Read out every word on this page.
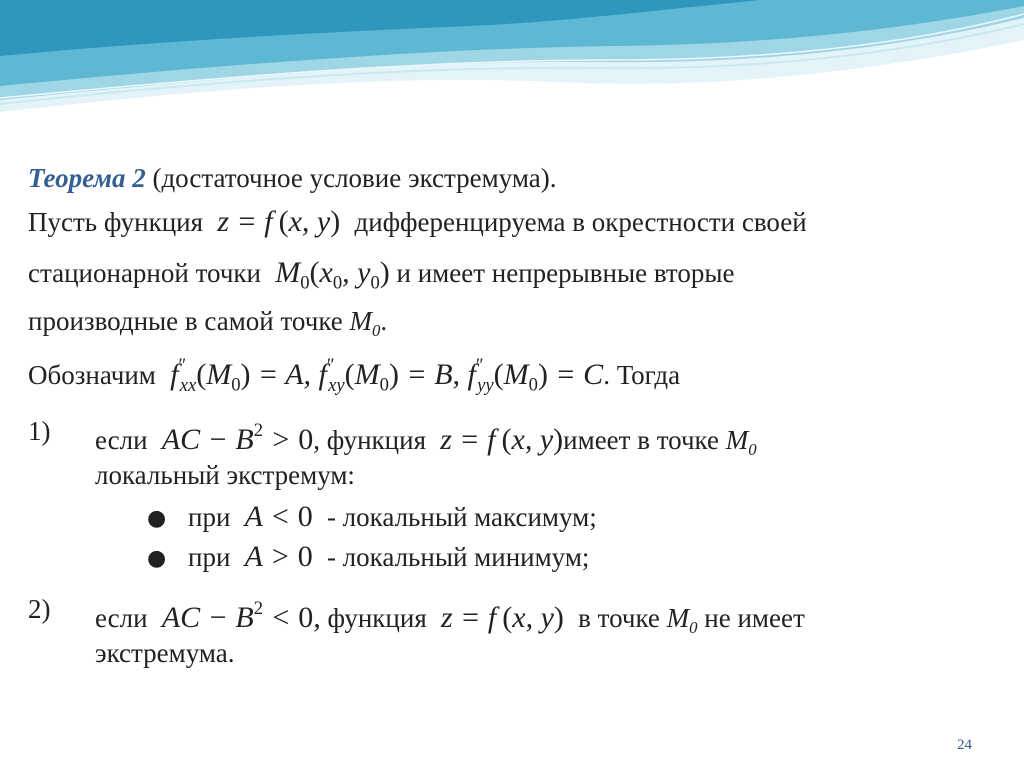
Теорема 2 (достаточное условие экстремума).
Пусть функция  z = f (x, y) дифференцируема в окрестности своей
стационарной точки  $M_0(x_0$, $y_0$) и имеет непрерывные вторые
производные в самой точке $M_0$.
Обозначим  $f''_{xx}(M_0) = A$, $f''_{xy}(M_0) = B$, $f''_{yy}(M_0) = C$. Тогда
1) если  AC − $B^2 > 0$, функция  z = f (x, y)имеет в точке $M_0$
локальный экстремум:
● при  A < 0 - локальный максимум;
● при  A > 0 - локальный минимум;
2) если  AC − $B^2 < 0$, функция  z = f (x, y) в точке $M_0$ не имеет
экстремума.
24
